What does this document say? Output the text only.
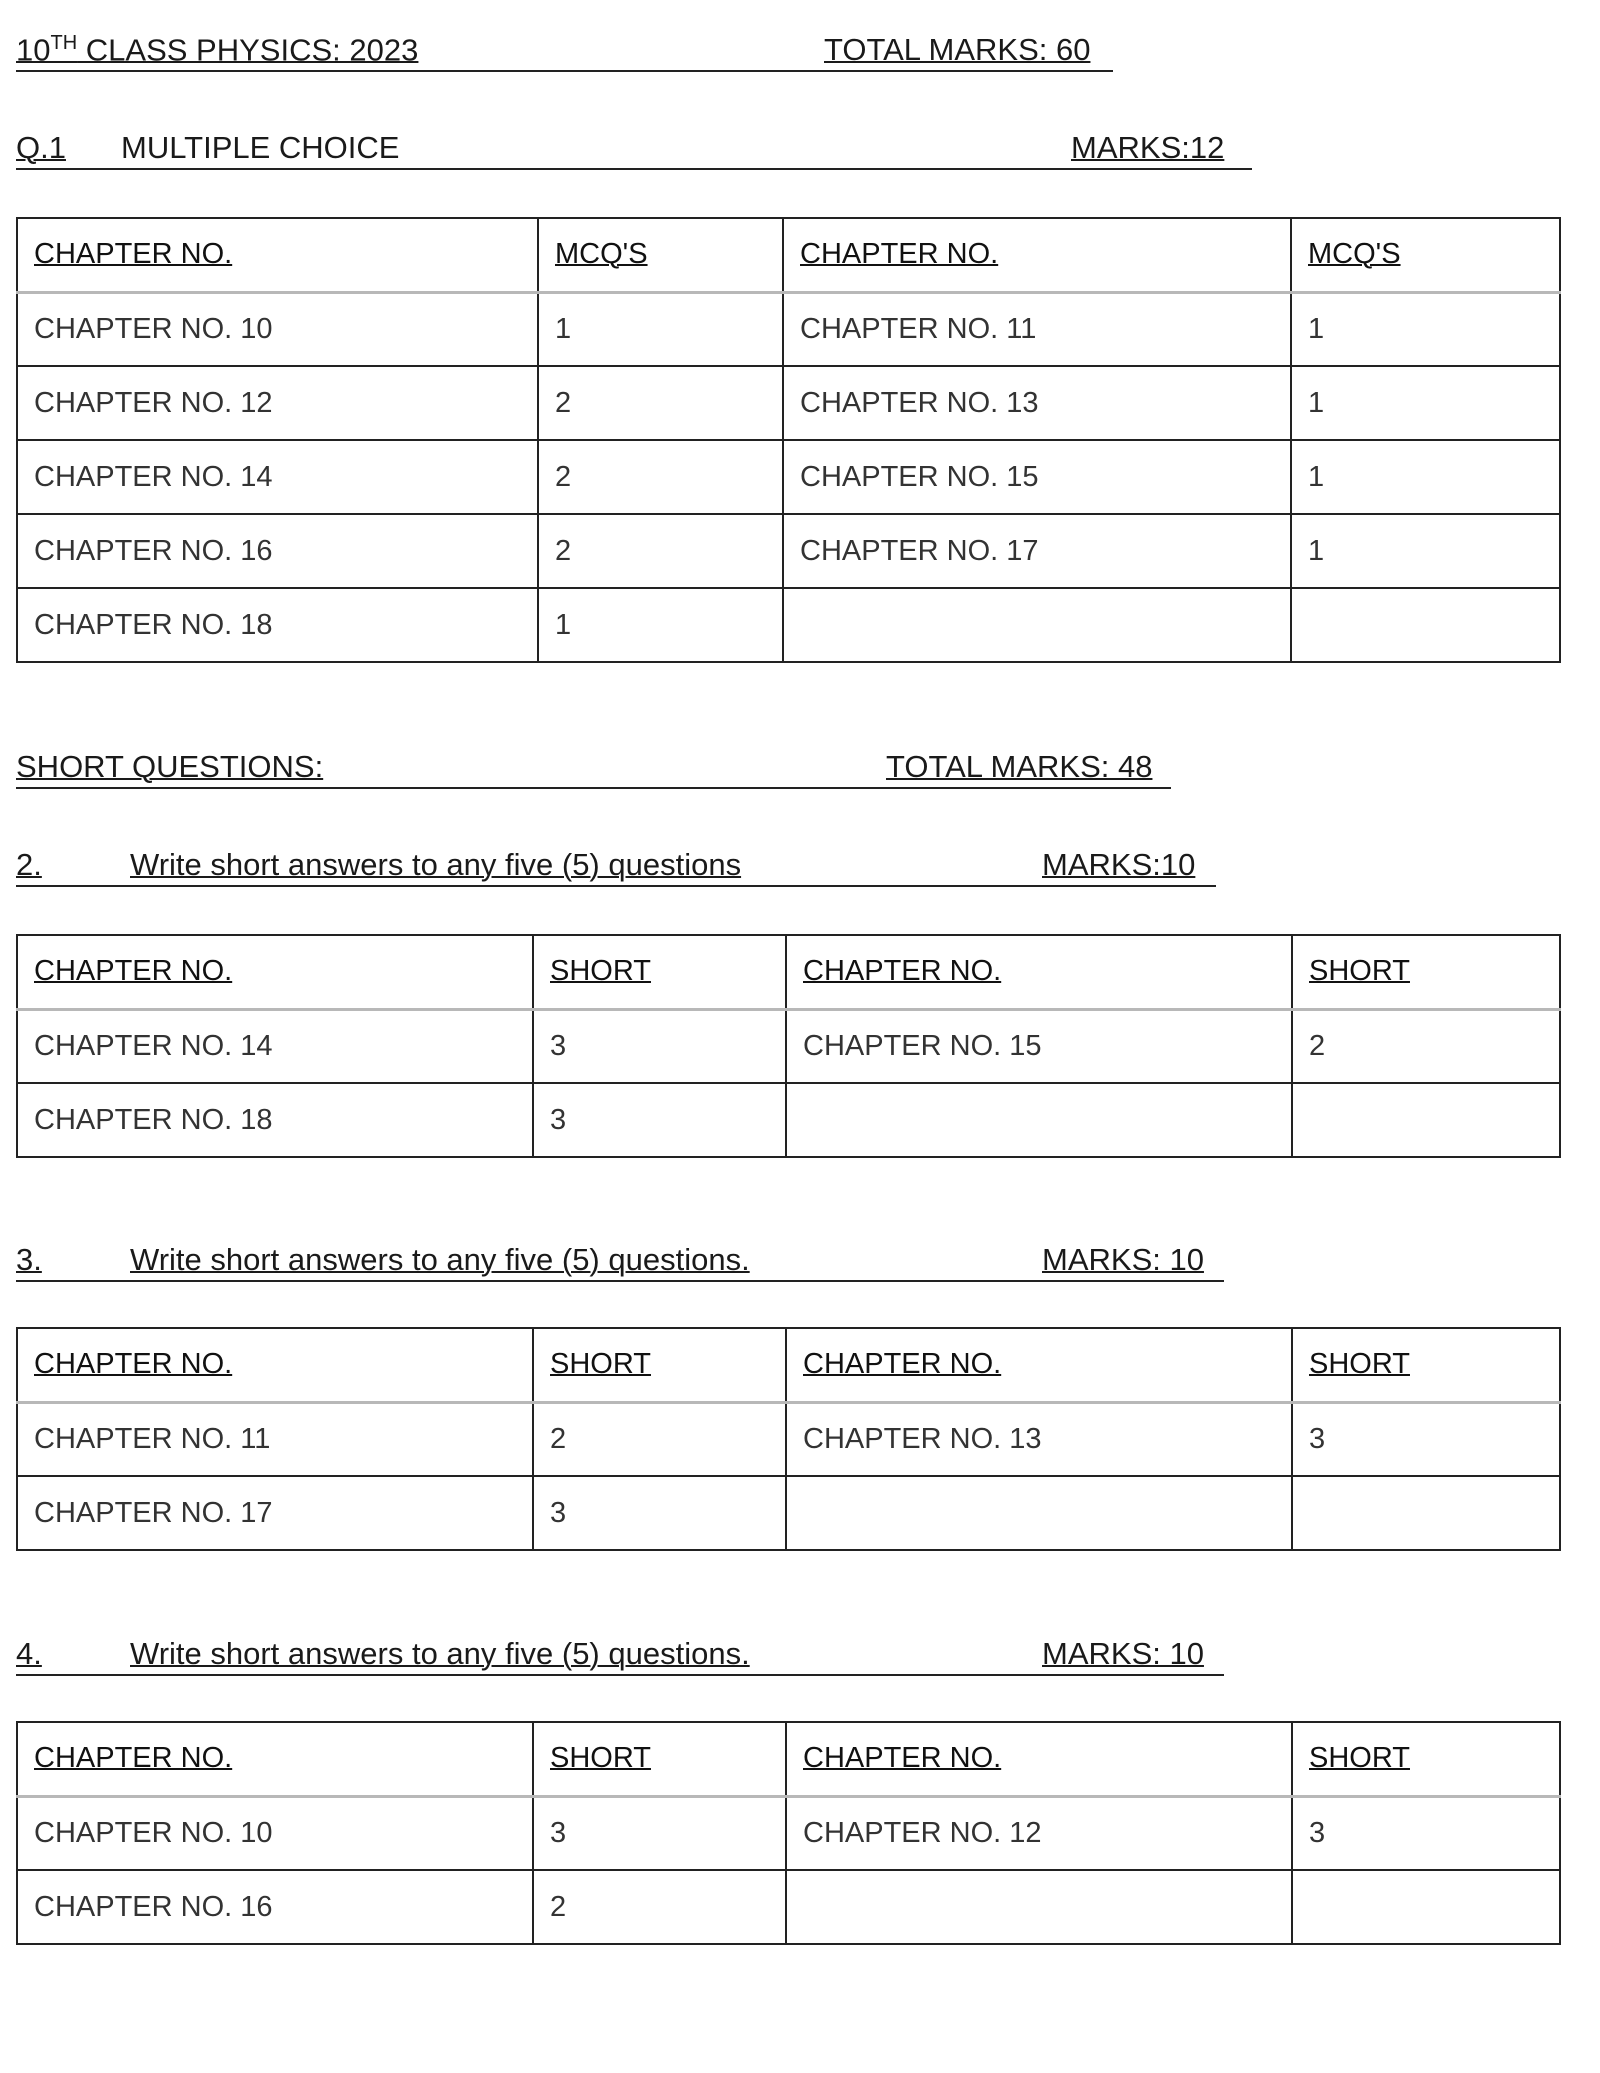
10TH CLASS PHYSICS: 2023	TOTAL MARKS: 60
Q.1 MULTIPLE CHOICE	MARKS:12
CHAPTER NO.	MCQ'S	CHAPTER NO.	MCQ'S
CHAPTER NO. 10	1	CHAPTER NO. 11	1
CHAPTER NO. 12	2	CHAPTER NO. 13	1
CHAPTER NO. 14	2	CHAPTER NO. 15	1
CHAPTER NO. 16	2	CHAPTER NO. 17	1
CHAPTER NO. 18	1		
SHORT QUESTIONS:	TOTAL MARKS: 48
2.	Write short answers to any five (5) questions	MARKS:10
CHAPTER NO.	SHORT	CHAPTER NO.	SHORT
CHAPTER NO. 14	3	CHAPTER NO. 15	2
CHAPTER NO. 18	3		
3.	Write short answers to any five (5) questions.	MARKS: 10
CHAPTER NO.	SHORT	CHAPTER NO.	SHORT
CHAPTER NO. 11	2	CHAPTER NO. 13	3
CHAPTER NO. 17	3		
4.	Write short answers to any five (5) questions.	MARKS: 10
CHAPTER NO.	SHORT	CHAPTER NO.	SHORT
CHAPTER NO. 10	3	CHAPTER NO. 12	3
CHAPTER NO. 16	2		
